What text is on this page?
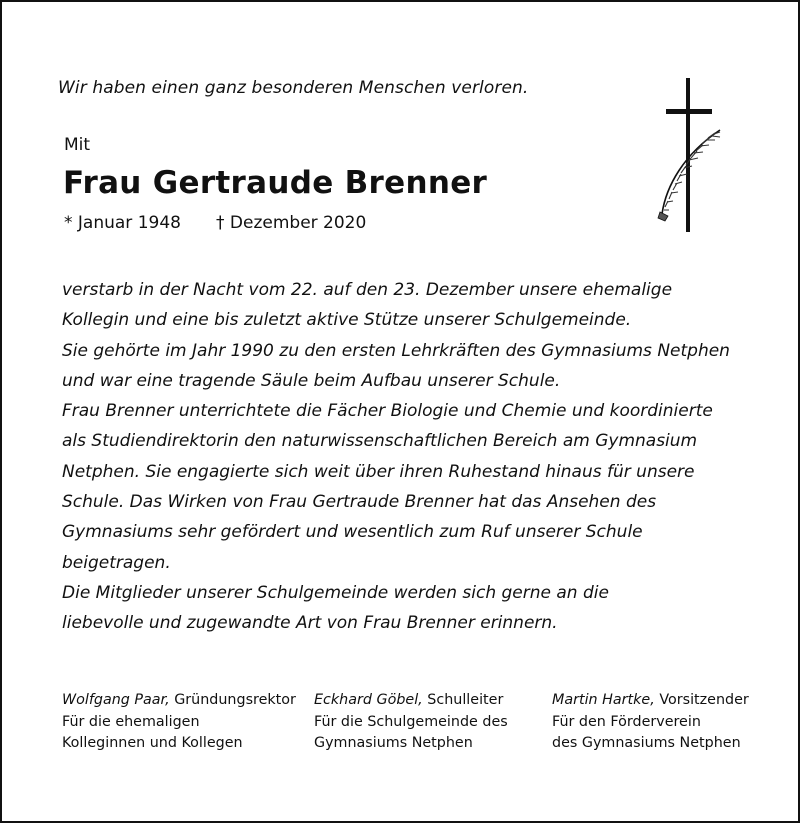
Wir haben einen ganz besonderen Menschen verloren.
Mit
Frau Gertraude Brenner
* Januar 1948 † Dezember 2020
verstarb in der Nacht vom 22. auf den 23. Dezember unsere ehemalige
Kollegin und eine bis zuletzt aktive Stütze unserer Schulgemeinde.
Sie gehörte im Jahr 1990 zu den ersten Lehrkräften des Gymnasiums Netphen
und war eine tragende Säule beim Aufbau unserer Schule.
Frau Brenner unterrichtete die Fächer Biologie und Chemie und koordinierte
als Studiendirektorin den naturwissenschaftlichen Bereich am Gymnasium
Netphen. Sie engagierte sich weit über ihren Ruhestand hinaus für unsere
Schule. Das Wirken von Frau Gertraude Brenner hat das Ansehen des
Gymnasiums sehr gefördert und wesentlich zum Ruf unserer Schule
beigetragen.
Die Mitglieder unserer Schulgemeinde werden sich gerne an die
liebevolle und zugewandte Art von Frau Brenner erinnern.
Wolfgang Paar, Gründungsrektor
Für die ehemaligen
Kolleginnen und Kollegen
Eckhard Göbel, Schulleiter
Für die Schulgemeinde des
Gymnasiums Netphen
Martin Hartke, Vorsitzender
Für den Förderverein
des Gymnasiums Netphen
